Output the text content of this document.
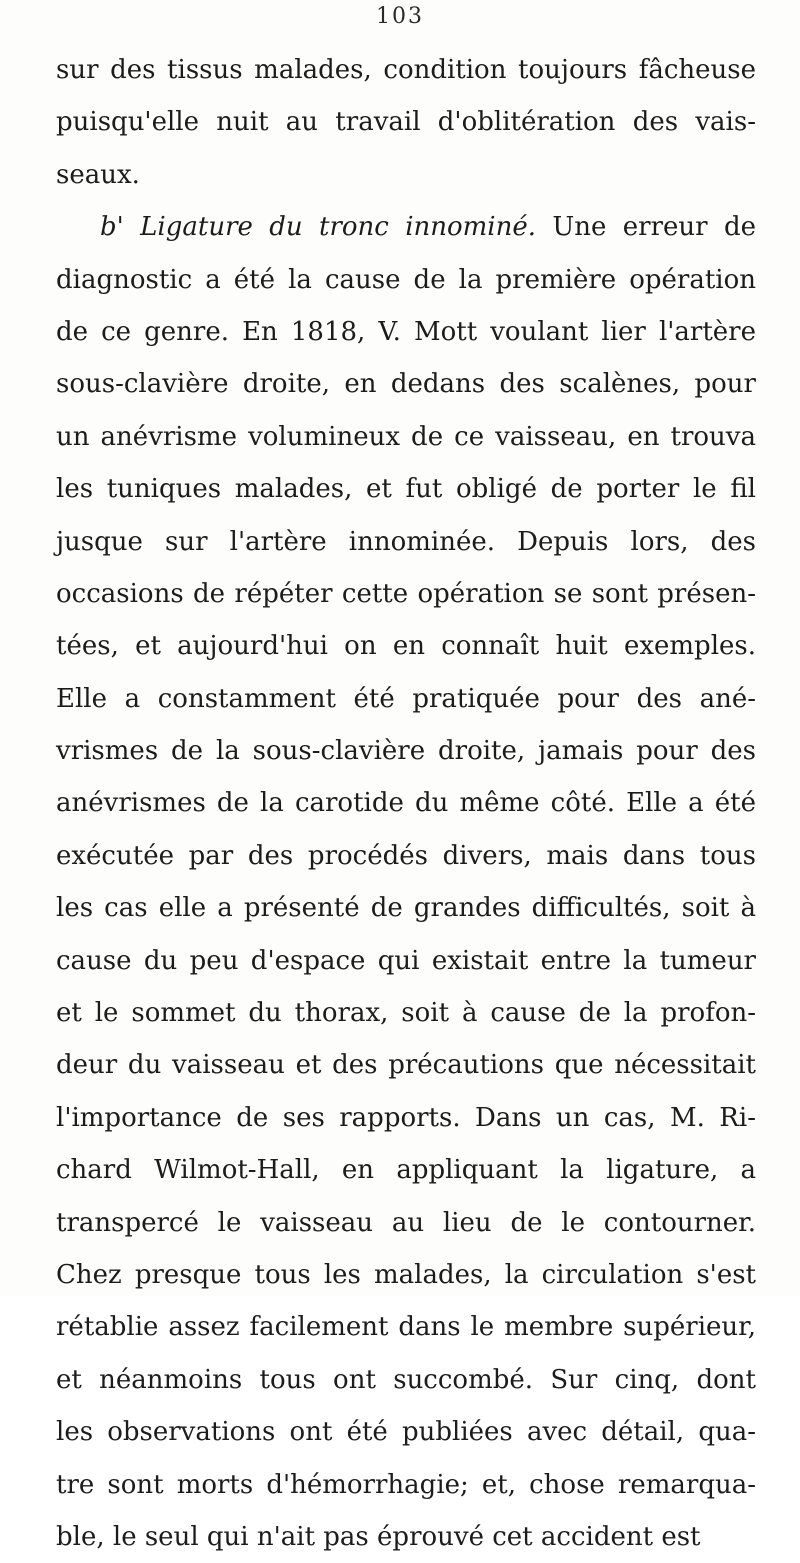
103
sur des tissus malades, condition toujours fâcheuse
puisqu'elle nuit au travail d'oblitération des vais-
seaux.
b' Ligature du tronc innominé. Une erreur de
diagnostic a été la cause de la première opération
de ce genre. En 1818, V. Mott voulant lier l'artère
sous-clavière droite, en dedans des scalènes, pour
un anévrisme volumineux de ce vaisseau, en trouva
les tuniques malades, et fut obligé de porter le fil
jusque sur l'artère innominée. Depuis lors, des
occasions de répéter cette opération se sont présen-
tées, et aujourd'hui on en connaît huit exemples.
Elle a constamment été pratiquée pour des ané-
vrismes de la sous-clavière droite, jamais pour des
anévrismes de la carotide du même côté. Elle a été
exécutée par des procédés divers, mais dans tous
les cas elle a présenté de grandes difficultés, soit à
cause du peu d'espace qui existait entre la tumeur
et le sommet du thorax, soit à cause de la profon-
deur du vaisseau et des précautions que nécessitait
l'importance de ses rapports. Dans un cas, M. Ri-
chard Wilmot-Hall, en appliquant la ligature, a
transpercé le vaisseau au lieu de le contourner.
Chez presque tous les malades, la circulation s'est
rétablie assez facilement dans le membre supérieur,
et néanmoins tous ont succombé. Sur cinq, dont
les observations ont été publiées avec détail, qua-
tre sont morts d'hémorrhagie; et, chose remarqua-
ble, le seul qui n'ait pas éprouvé cet accident est
